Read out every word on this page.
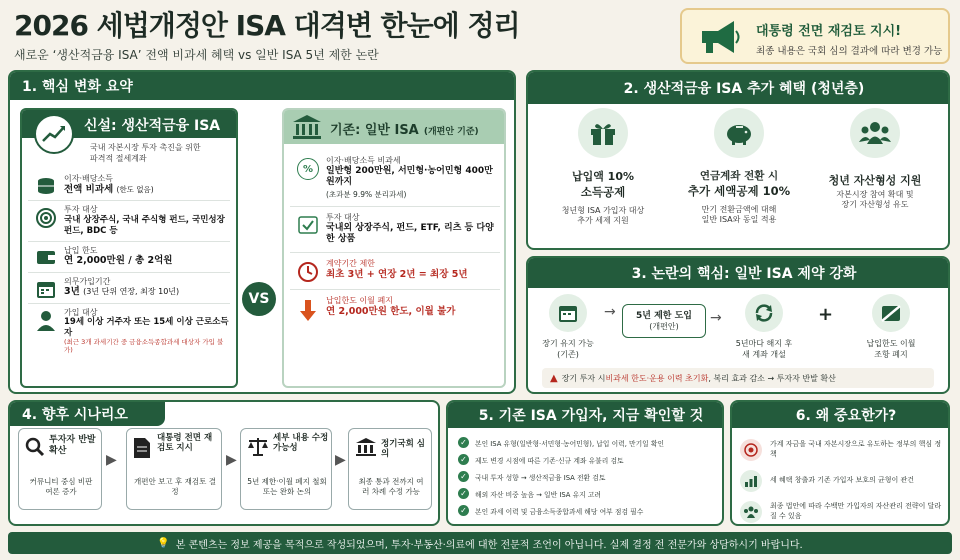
2026 세법개정안 ISA 대격변 한눈에 정리
새로운 ‘생산적금융 ISA’ 전액 비과세 혜택 vs 일반 ISA 5년 제한 논란
대통령 전면 재검토 지시!
최종 내용은 국회 심의 결과에 따라 변경 가능
1. 핵심 변화 요약
신설: 생산적금융 ISA
국내 자본시장 투자 촉진을 위한
파격적 절세계좌
이자·배당소득
전액 비과세 (한도 없음)
투자 대상
국내 상장주식, 국내 주식형 펀드, 국민성장펀드, BDC 등
납입 한도
연 2,000만원 / 총 2억원
의무가입기간
3년 (3년 단위 연장, 최장 10년)
가입 대상
19세 이상 거주자 또는 15세 이상 근로소득자
(최근 3개 과세기간 중 금융소득종합과세 대상자 가입 불가)
VS
기존: 일반 ISA (개편안 기준)
%
이자·배당소득 비과세
일반형 200만원, 서민형·농어민형 400만원까지
(초과분 9.9% 분리과세)
투자 대상
국내외 상장주식, 펀드, ETF, 리츠 등 다양한 상품
계약기간 제한
최초 3년 + 연장 2년 = 최장 5년
납입한도 이월 폐지
연 2,000만원 한도, 이월 불가
2. 생산적금융 ISA 추가 혜택 (청년층)
납입액 10%
소득공제
청년형 ISA 가입자 대상
추가 세제 지원
연금계좌 전환 시
추가 세액공제 10%
만기 전환금액에 대해
일반 ISA와 동일 적용
청년 자산형성 지원
자본시장 참여 확대 및
장기 자산형성 유도
3. 논란의 핵심: 일반 ISA 제약 강화
장기 유지 가능
(기존)
→	5년 제한 도입
(개편안)
→
5년마다 해지 후
새 계좌 개설
+
납입한도 이월
조항 폐지
▲ 장기 투자 시 비과세 한도·운용 이력 초기화 , 복리 효과 감소 → 투자자 반발 확산
4. 향후 시나리오
투자자 반발 확산
커뮤니티 중심 비판 여론 증가
▶
대통령 전면 재검토 지시
개편안 보고 후 재검토 결정
▶
세부 내용 수정 가능성
5년 제한·이월 폐지 철회 또는 완화 논의
▶
정기국회 심의
최종 통과 전까지 여러 차례 수정 가능
5. 기존 ISA 가입자, 지금 확인할 것
✓	본인 ISA 유형(일반형·서민형·농어민형), 납입 이력, 만기일 확인
✓	제도 변경 시점에 따른 기존·신규 계좌 유불리 검토
✓	국내 투자 성향 → 생산적금융 ISA 전환 검토
✓	해외 자산 비중 높음 → 일반 ISA 유지 고려
✓	본인 과세 이력 및 금융소득종합과세 해당 여부 점검 필수
6. 왜 중요한가?
가계 자금을 국내 자본시장으로 유도하는 정부의 핵심 정책
세 혜택 창출과 기존 가입자 보호의 균형이 관건
최종 법안에 따라 수백만 가입자의 자산관리 전략이 달라질 수 있음
💡 본 콘텐츠는 정보 제공을 목적으로 작성되었으며, 투자·부동산·의료에 대한 전문적 조언이 아닙니다. 실제 결정 전 전문가와 상담하시기 바랍니다.
